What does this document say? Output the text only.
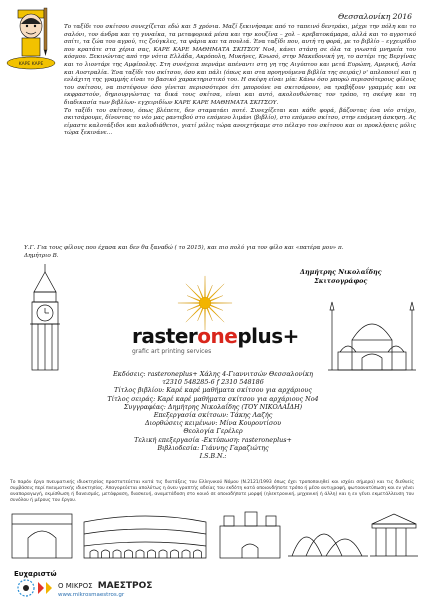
ΚΑΡΕ ΚΑΡΕ
Θεσσαλονίκη 2016

Το ταξίδι του σκίτσου συνεχίζεται εδώ και 5 χρόνια. Μαζί ξεκινήσαμε από το ταπεινό δεντράκι, μέχρι την πόλη και το σαλόνι, τον άνδρα και τη γυναίκα, τα μεταφορικά μέσα και την κουζίνα – χολ – κρεβατοκάμαρα, αλλά και το αγροτικό σπίτι, τα ζώα του αγρού, τις ζούγκλες, τα ψάρια και τα πουλιά. Ένα ταξίδι που, αυτή τη φορά, με το βιβλίο – εγχειρίδιο που κρατάτε στα χέρια σας, ΚΑΡΕ ΚΑΡΕ ΜΑΘΗΜΑΤΑ ΣΚΙΤΣΟΥ Νο4, κάνει στάση σε όλα τα γνωστά μνημεία του κόσμου. Ξεκινώντας από την νότια Ελλάδα, Ακρόπολη, Μυκήνες, Κνωσό, στην Μακεδονική γη, το αστέρι της Βεργίνας και το λιοντάρι της Αμφίπολης. Στη συνέχεια περνάμε απέναντι στη γη της Αιγύπτου και μετά Ευρώπη, Αμερική, Ασία και Αυστραλία. Ένα ταξίδι του σκίτσου, όσο και πάλι (όπως και στα προηγούμενα βιβλία της σειράς) ν' απλοποιεί και η ενλάχιτη της γραμμής είναι το βασικό χαρακτηριστικό του. Η σκέψη είναι μία: Κάνω όσο μπορώ περισσότερους φίλους του σκίτσου, να πιστέψουν όσο γίνεται περισσότεροι ότι μπορούνε να σκιτσάρουν, να τραβήξουν γραμμές και να εκφραστούν, δημιουργώντας τα δικά τους σκίτσα, είναι και αυτό, ακολουθώντας τον τρόπο, τη σκέψη και τη διαδικασία των βιβλίων- εγχειριδίων ΚΑΡΕ ΚΑΡΕ ΜΑΘΗΜΑΤΑ ΣΚΙΤΣΟΥ.

Το ταξίδι του σκίτσου, όπως βλέπετε, δεν σταματάει ποτέ. Συνεχίζεται και κάθε φορά, βάζοντας ένα νέο στόχο, σκιτσάρουμε, δίνοντας το νέο μας ραντεβού στο επόμενο λιμάνι (βιβλίο), στο επόμενο σκίτσο, στην επόμενη άσκηση. Ας είμαστε καλοτάξιδοι και καλοδιάθετοι, γιατί μόλις τώρα ανοιχτήκαμε στο πέλαγο του σκίτσου και οι προκλήσεις μόλις τώρα ξεκινάνε...

Υ.Γ. Για τους φίλους που έχασα και δεν θα ξαναδώ ( το 2015), και πιο πολύ για τον φίλο και «πατέρα μου» π. Δημήτριο Β.
Δημήτρης Νικολαΐδης
Σκιτσογράφος
rasteroneplus+
grafic art printing services
Εκδόσεις: rasteroneplus+ Χάλης 4-Γιαννιτσών Θεσσαλονίκη
τ2310 548285-6 f 2310 548186
Τίτλος βιβλίου: Καρέ καρέ μαθήματα σκίτσου για αρχάριους
Τίτλος σειράς: Καρέ καρέ μαθήματα σκίτσου για αρχάριους Νο4
Συγγραφέας: Δημήτρης Νικολαΐδης (ΤΟΥ ΝΙΚΟΛΑΪΔΗ)
Επεξεργασία σκίτσων: Τάκης Λαζής
Διορθώσεις κειμένων: Μίνα Κουρουτίσου
Θεολογία Γερέλερ
Τελική επεξεργασία -Εκτύπωση: rasteroneplus+
Βιβλιοδεσία: Γιάννης Γαραζιώτης
I.S.B.N.:
Το παρόν έργο πνευματικής ιδιοκτησίας προστατεύεται κατά τις διατάξεις του Ελληνικού Νόμου (Ν.2121/1993 όπως έχει τροποποιηθεί και ισχύει σήμερα) και τις διεθνείς συμβάσεις περί πνευματικής ιδιοκτησίας. Απαγορεύεται απολύτως η άνευ γραπτής αδείας του εκδότη κατά οποιονδήποτε τρόπο ή μέσο αντιγραφή, φωτοανατύπωση και εν γένει αναπαραγωγή, εκμίσθωση ή δανεισμός, μετάφραση, διασκευή, αναμετάδοση στο κοινό σε οποιαδήποτε μορφή (ηλεκτρονική, μηχανική ή άλλη) και η εν γένει εκμετάλλευση του συνόλου ή μέρους του έργου.
Ευχαριστώ
Ο ΜΙΚΡΟΣ ΜΑΕΣΤΡΟΣ
www.mikrosmaestros.gr
